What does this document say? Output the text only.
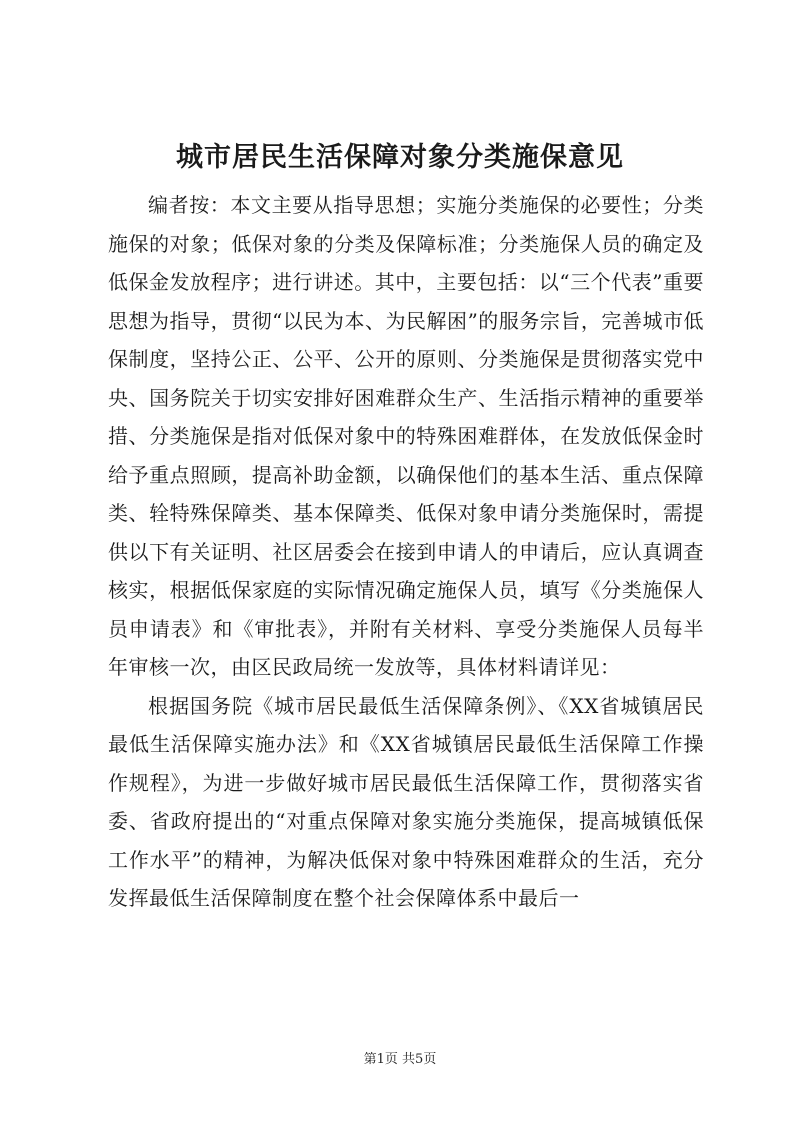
城市居民生活保障对象分类施保意见

编者按：本文主要从指导思想；实施分类施保的必要性；分类施保的对象；低保对象的分类及保障标准；分类施保人员的确定及低保金发放程序；进行讲述。其中，主要包括：以“三个代表”重要思想为指导，贯彻“以民为本、为民解困”的服务宗旨，完善城市低保制度，坚持公正、公平、公开的原则、分类施保是贯彻落实党中央、国务院关于切实安排好困难群众生产、生活指示精神的重要举措、分类施保是指对低保对象中的特殊困难群体，在发放低保金时给予重点照顾，提高补助金额，以确保他们的基本生活、重点保障类、辁特殊保障类、基本保障类、低保对象申请分类施保时，需提供以下有关证明、社区居委会在接到申请人的申请后，应认真调查核实，根据低保家庭的实际情况确定施保人员，填写《分类施保人员申请表》和《审批表》，并附有关材料、享受分类施保人员每半年审核一次，由区民政局统一发放等，具体材料请详见：

根据国务院《城市居民最低生活保障条例》、《XX省城镇居民最低生活保障实施办法》和《XX省城镇居民最低生活保障工作操作规程》，为进一步做好城市居民最低生活保障工作，贯彻落实省委、省政府提出的“对重点保障对象实施分类施保，提高城镇低保工作水平”的精神，为解决低保对象中特殊困难群众的生活，充分发挥最低生活保障制度在整个社会保障体系中最后一

第1页 共5页
